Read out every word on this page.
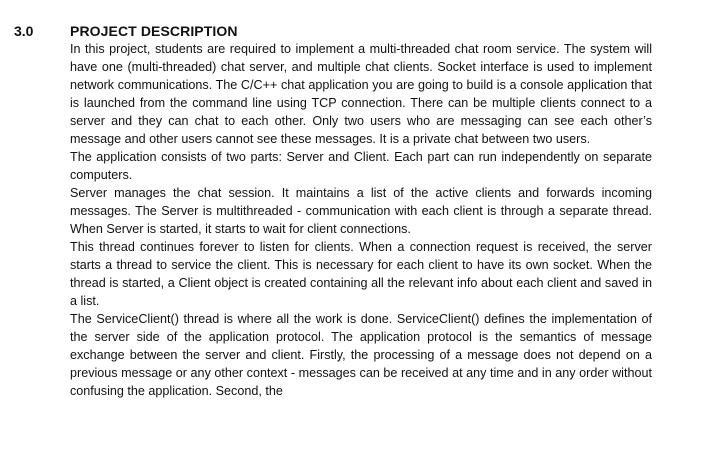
3.0	PROJECT DESCRIPTION

In this project, students are required to implement a multi-threaded chat room service. The system will have one (multi-threaded) chat server, and multiple chat clients. Socket interface is used to implement network communications. The C/C++ chat application you are going to build is a console application that is launched from the command line using TCP connection. There can be multiple clients connect to a server and they can chat to each other. Only two users who are messaging can see each other’s message and other users cannot see these messages. It is a private chat between two users.

The application consists of two parts: Server and Client. Each part can run independently on separate computers.

Server manages the chat session. It maintains a list of the active clients and forwards incoming messages. The Server is multithreaded - communication with each client is through a separate thread. When Server is started, it starts to wait for client connections.

This thread continues forever to listen for clients. When a connection request is received, the server starts a thread to service the client. This is necessary for each client to have its own socket. When the thread is started, a Client object is created containing all the relevant info about each client and saved in a list.

The ServiceClient() thread is where all the work is done. ServiceClient() defines the implementation of the server side of the application protocol. The application protocol is the semantics of message exchange between the server and client. Firstly, the processing of a message does not depend on a previous message or any other context - messages can be received at any time and in any order without confusing the application. Second, the
